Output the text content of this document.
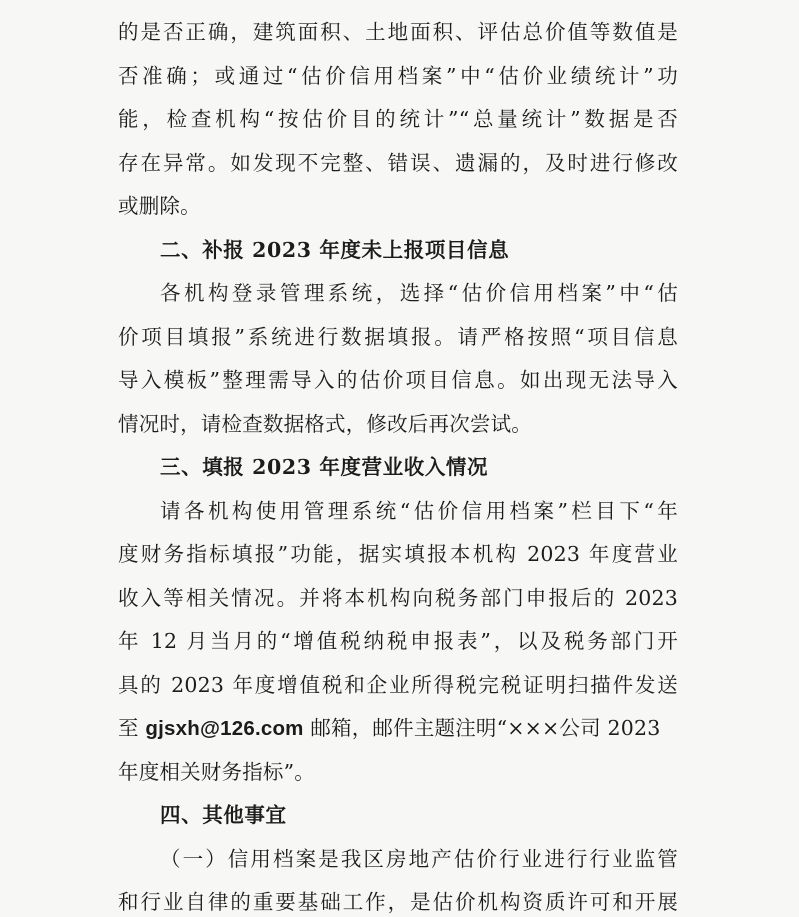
的是否正确，建筑面积、土地面积、评估总价值等数值是
否准确；或通过“估价信用档案”中“估价业绩统计”功
能，检查机构“按估价目的统计”“总量统计”数据是否
存在异常。如发现不完整、错误、遗漏的，及时进行修改
或删除。
二、补报 2023 年度未上报项目信息
各机构登录管理系统，选择“估价信用档案”中“估
价项目填报”系统进行数据填报。请严格按照“项目信息
导入模板”整理需导入的估价项目信息。如出现无法导入
情况时，请检查数据格式，修改后再次尝试。
三、填报 2023 年度营业收入情况
请各机构使用管理系统“估价信用档案”栏目下“年
度财务指标填报”功能，据实填报本机构 2023 年度营业
收入等相关情况。并将本机构向税务部门申报后的 2023
年 12 月当月的“增值税纳税申报表”，以及税务部门开
具的 2023 年度增值税和企业所得税完税证明扫描件发送
至 gjsxh@126.com 邮箱，邮件主题注明“×××公司 2023
年度相关财务指标”。
四、其他事宜
（一）信用档案是我区房地产估价行业进行行业监管
和行业自律的重要基础工作，是估价机构资质许可和开展
